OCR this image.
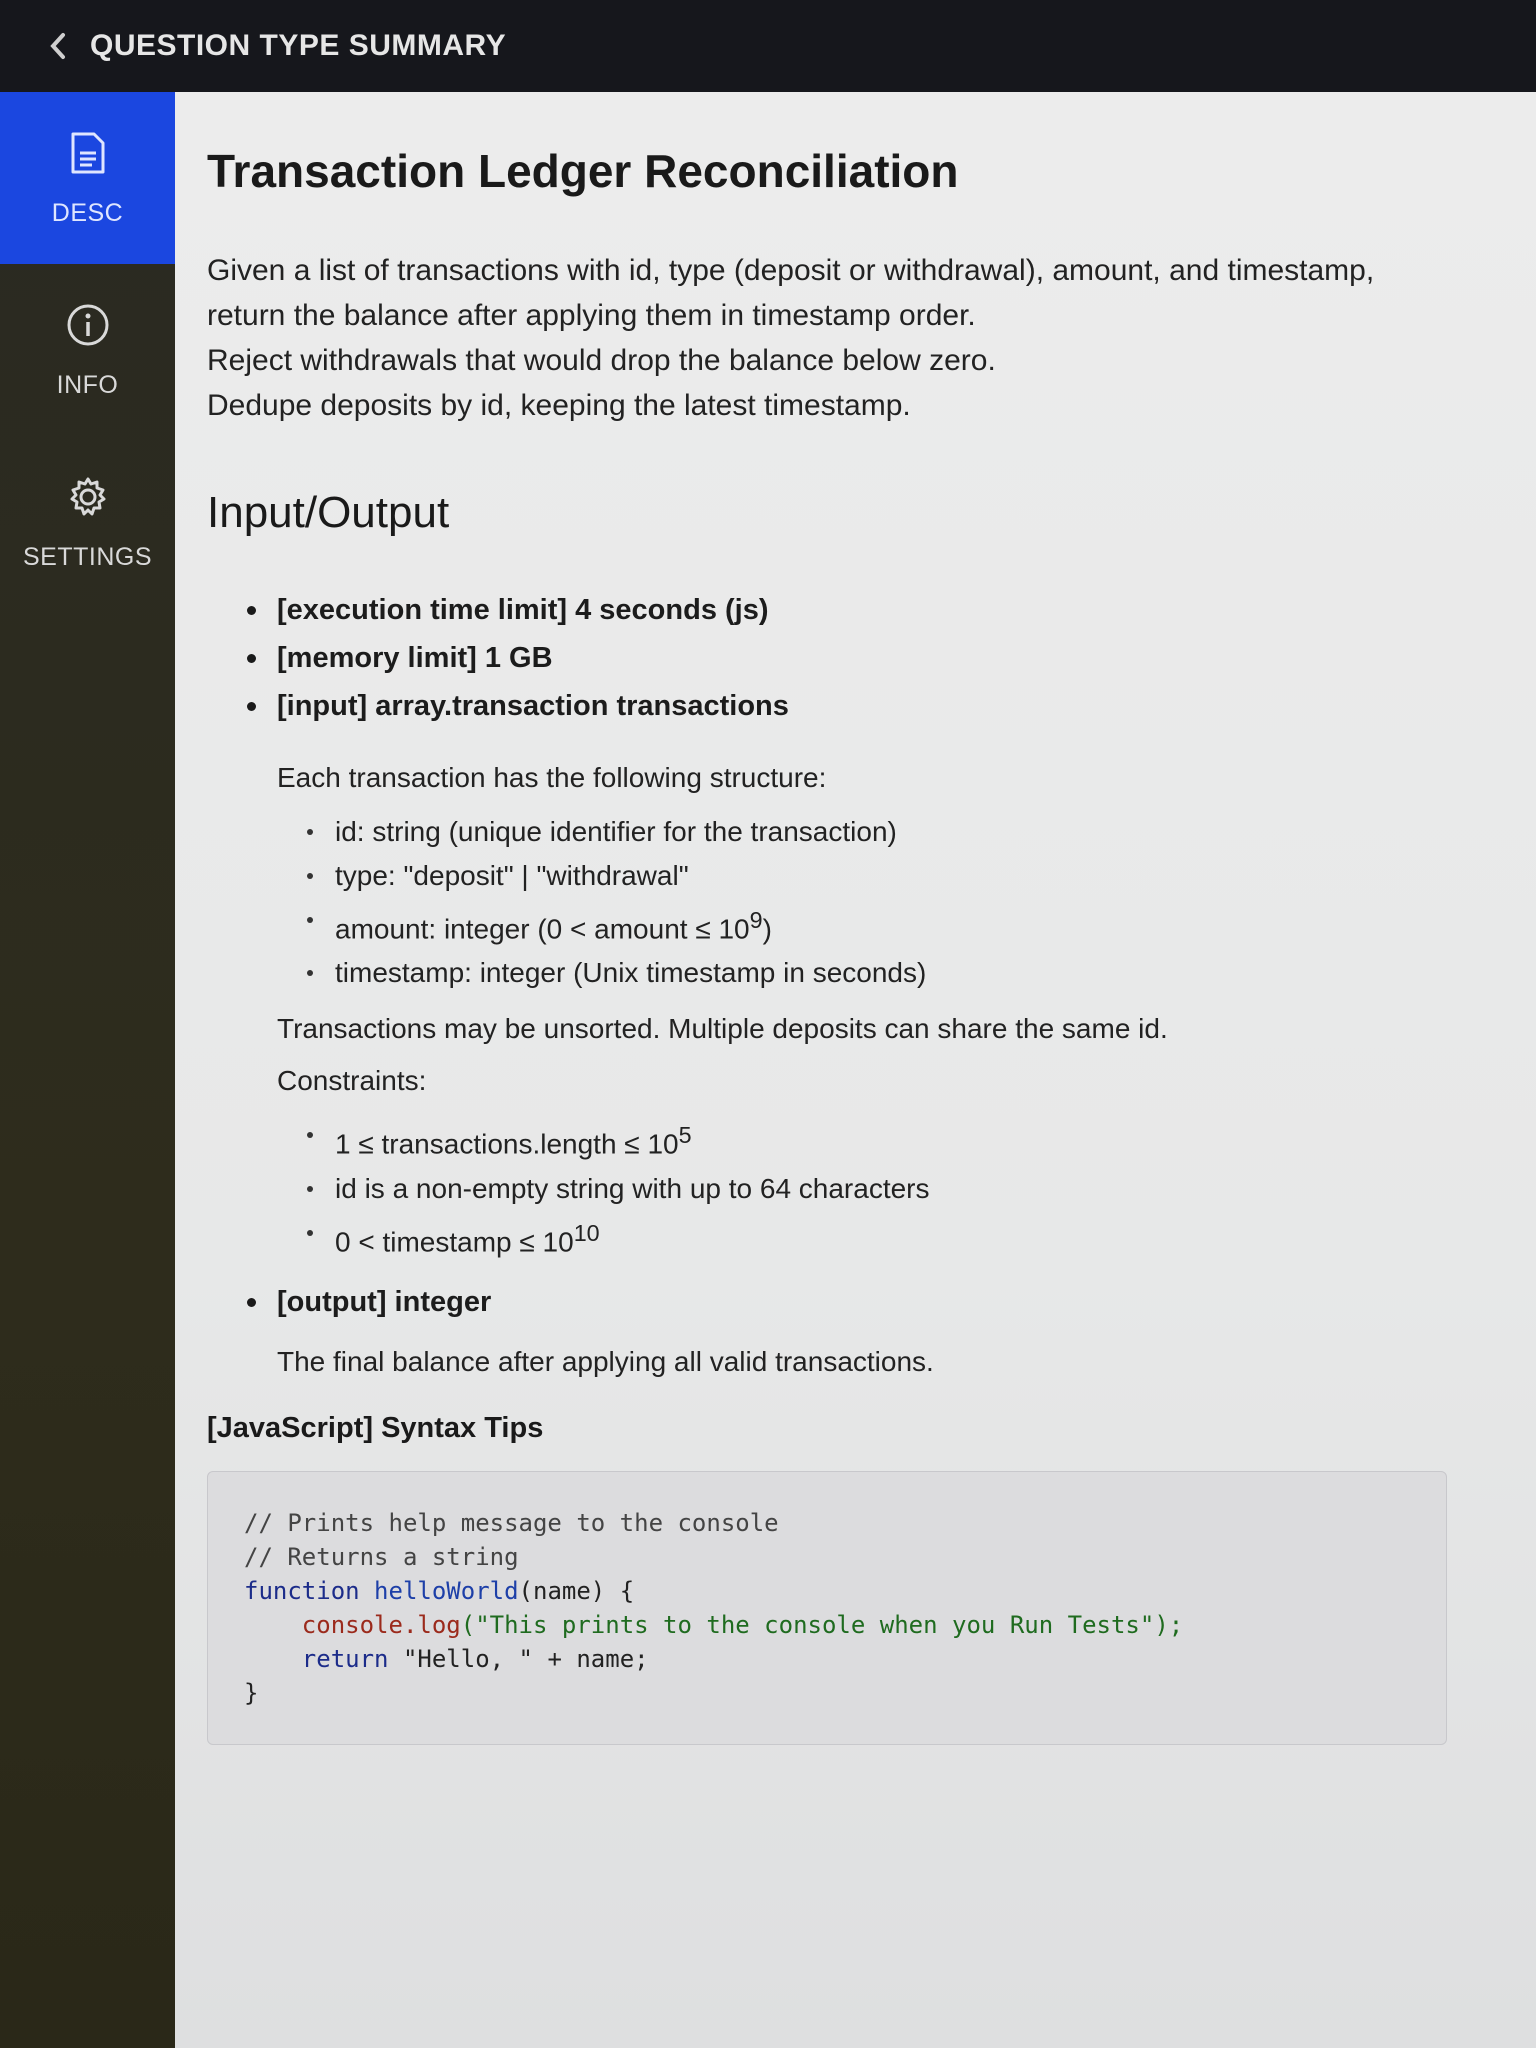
QUESTION TYPE SUMMARY
DESC
INFO
SETTINGS
Transaction Ledger Reconciliation

Given a list of transactions with id, type (deposit or withdrawal), amount, and timestamp,

return the balance after applying them in timestamp order.

Reject withdrawals that would drop the balance below zero.

Dedupe deposits by id, keeping the latest timestamp.

Input/Output
[execution time limit] 4 seconds (js)
[memory limit] 1 GB
[input] array.transaction transactions

Each transaction has the following structure:

id: string (unique identifier for the transaction)
type: "deposit" | "withdrawal"
amount: integer (0 < amount ≤ $10^9$)
timestamp: integer (Unix timestamp in seconds)

Transactions may be unsorted. Multiple deposits can share the same id.

Constraints:

1 ≤ transactions.length ≤ $10^5$
id is a non-empty string with up to 64 characters
0 < timestamp ≤ $10^{10}$
[output] integer

The final balance after applying all valid transactions.

[JavaScript] Syntax Tips
// Prints help message to the console
// Returns a string
function helloWorld(name) {
console.log("This prints to the console when you Run Tests");
return "Hello, " + name;
}
